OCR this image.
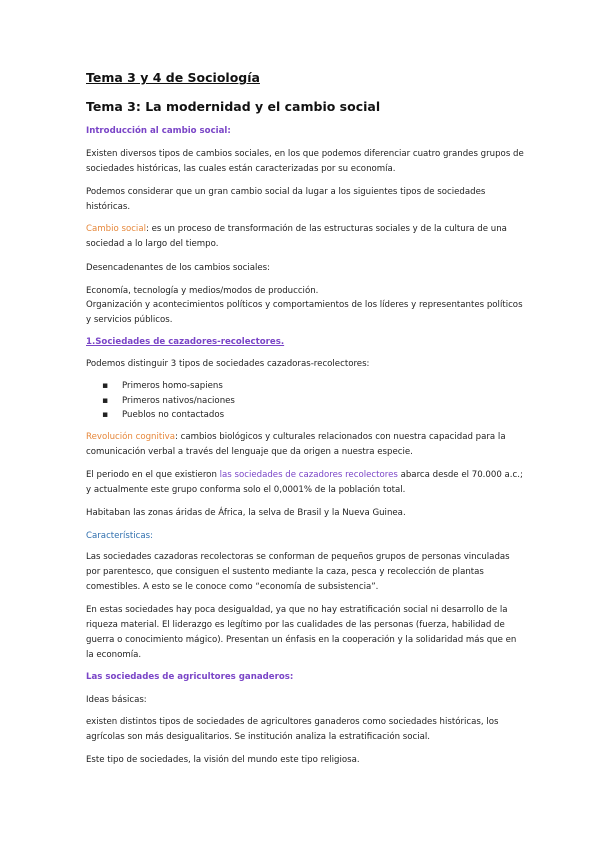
Tema 3 y 4 de Sociología
Tema 3: La modernidad y el cambio social

Introducción al cambio social:

Existen diversos tipos de cambios sociales, en los que podemos diferenciar cuatro grandes grupos de sociedades históricas, las cuales están caracterizadas por su economía.

Podemos considerar que un gran cambio social da lugar a los siguientes tipos de sociedades históricas.

Cambio social: es un proceso de transformación de las estructuras sociales y de la cultura de una sociedad a lo largo del tiempo.

Desencadenantes de los cambios sociales:

Economía, tecnología y medios/modos de producción.

Organización y acontecimientos políticos y comportamientos de los líderes y representantes políticos y servicios públicos.

1.Sociedades de cazadores-recolectores.

Podemos distinguir 3 tipos de sociedades cazadoras-recolectores:

▪ Primeros homo-sapiens
▪ Primeros nativos/naciones
▪ Pueblos no contactados

Revolución cognitiva: cambios biológicos y culturales relacionados con nuestra capacidad para la comunicación verbal a través del lenguaje que da origen a nuestra especie.

El periodo en el que existieron las sociedades de cazadores recolectores abarca desde el 70.000 a.c.; y actualmente este grupo conforma solo el 0,0001% de la población total.

Habitaban las zonas áridas de África, la selva de Brasil y la Nueva Guinea.

Características:

Las sociedades cazadoras recolectoras se conforman de pequeños grupos de personas vinculadas por parentesco, que consiguen el sustento mediante la caza, pesca y recolección de plantas comestibles. A esto se le conoce como “economía de subsistencia”.

En estas sociedades hay poca desigualdad, ya que no hay estratificación social ni desarrollo de la riqueza material. El liderazgo es legítimo por las cualidades de las personas (fuerza, habilidad de guerra o conocimiento mágico). Presentan un énfasis en la cooperación y la solidaridad más que en la economía.

Las sociedades de agricultores ganaderos:

Ideas básicas:

existen distintos tipos de sociedades de agricultores ganaderos como sociedades históricas, los agrícolas son más desigualitarios. Se institución analiza la estratificación social.

Este tipo de sociedades, la visión del mundo este tipo religiosa.
